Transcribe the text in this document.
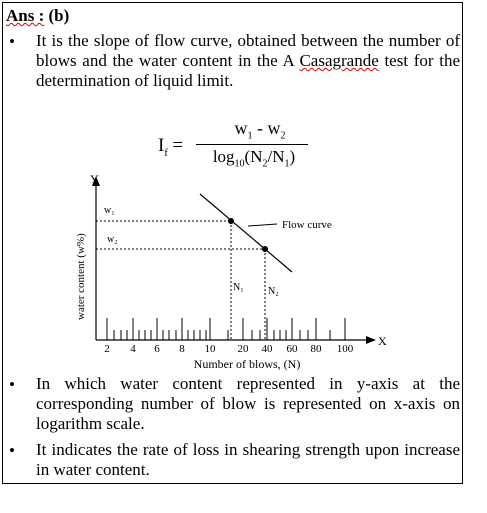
Ans : (b)
• It is the slope of flow curve, obtained between the number of blows and the water content in the A Casagrande test for the determination of liquid limit.
$I_f$ =
$w_1 - w_2$
$\log_{10}(N_2/N_1)$
Y
X
water content (w%)
2 4 6 8 10 20 40 60 80 100
Number of blows, (N)
Flow curve
w₁
w₂
N₁ N₂
• In which water content represented in y-axis at the corresponding number of blow is represented on x-axis on logarithm scale.
• It indicates the rate of loss in shearing strength upon increase in water content.
